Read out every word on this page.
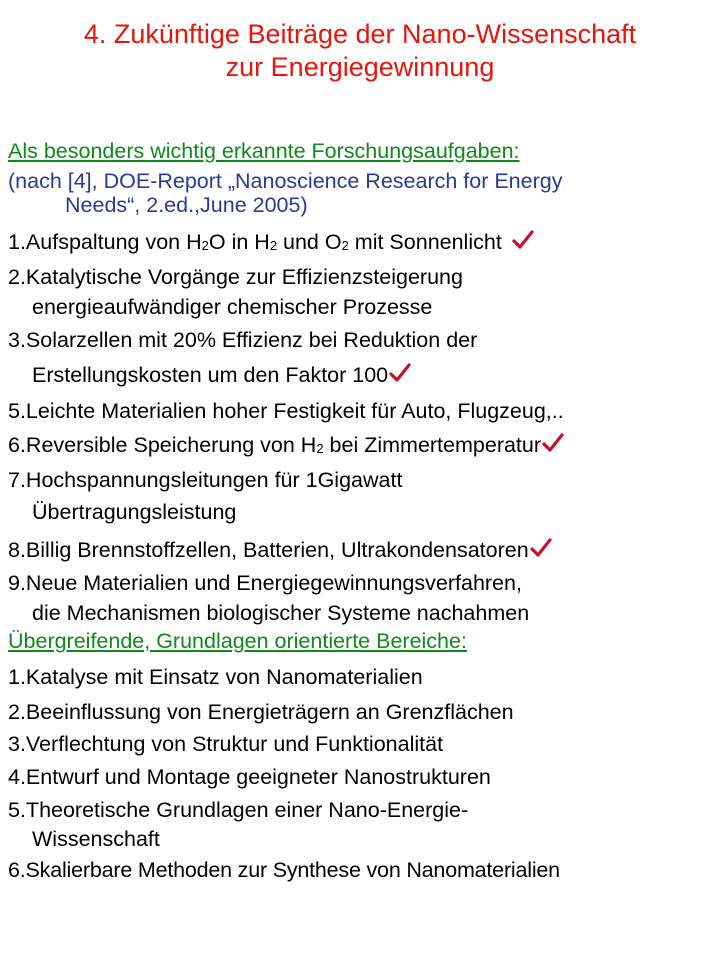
4. Zukünftige Beiträge der Nano-Wissenschaft
zur Energiegewinnung
Als besonders wichtig erkannte Forschungsaufgaben:
(nach [4], DOE-Report „Nanoscience Research for Energy
Needs“, 2.ed.,June 2005)
1.Aufspaltung von $H_2O$ in $H_2$ und $O_2$ mit Sonnenlicht
2.Katalytische Vorgänge zur Effizienzsteigerung
energieaufwändiger chemischer Prozesse
3.Solarzellen mit 20% Effizienz bei Reduktion der
Erstellungskosten um den Faktor 100
5.Leichte Materialien hoher Festigkeit für Auto, Flugzeug,..
6.Reversible Speicherung von $H_2$ bei Zimmertemperatur
7.Hochspannungsleitungen für 1Gigawatt
Übertragungsleistung
8.Billig Brennstoffzellen, Batterien, Ultrakondensatoren
9.Neue Materialien und Energiegewinnungsverfahren,
die Mechanismen biologischer Systeme nachahmen
Übergreifende, Grundlagen orientierte Bereiche:
1.Katalyse mit Einsatz von Nanomaterialien
2.Beeinflussung von Energieträgern an Grenzflächen
3.Verflechtung von Struktur und Funktionalität
4.Entwurf und Montage geeigneter Nanostrukturen
5.Theoretische Grundlagen einer Nano-Energie-
Wissenschaft
6.Skalierbare Methoden zur Synthese von Nanomaterialien
